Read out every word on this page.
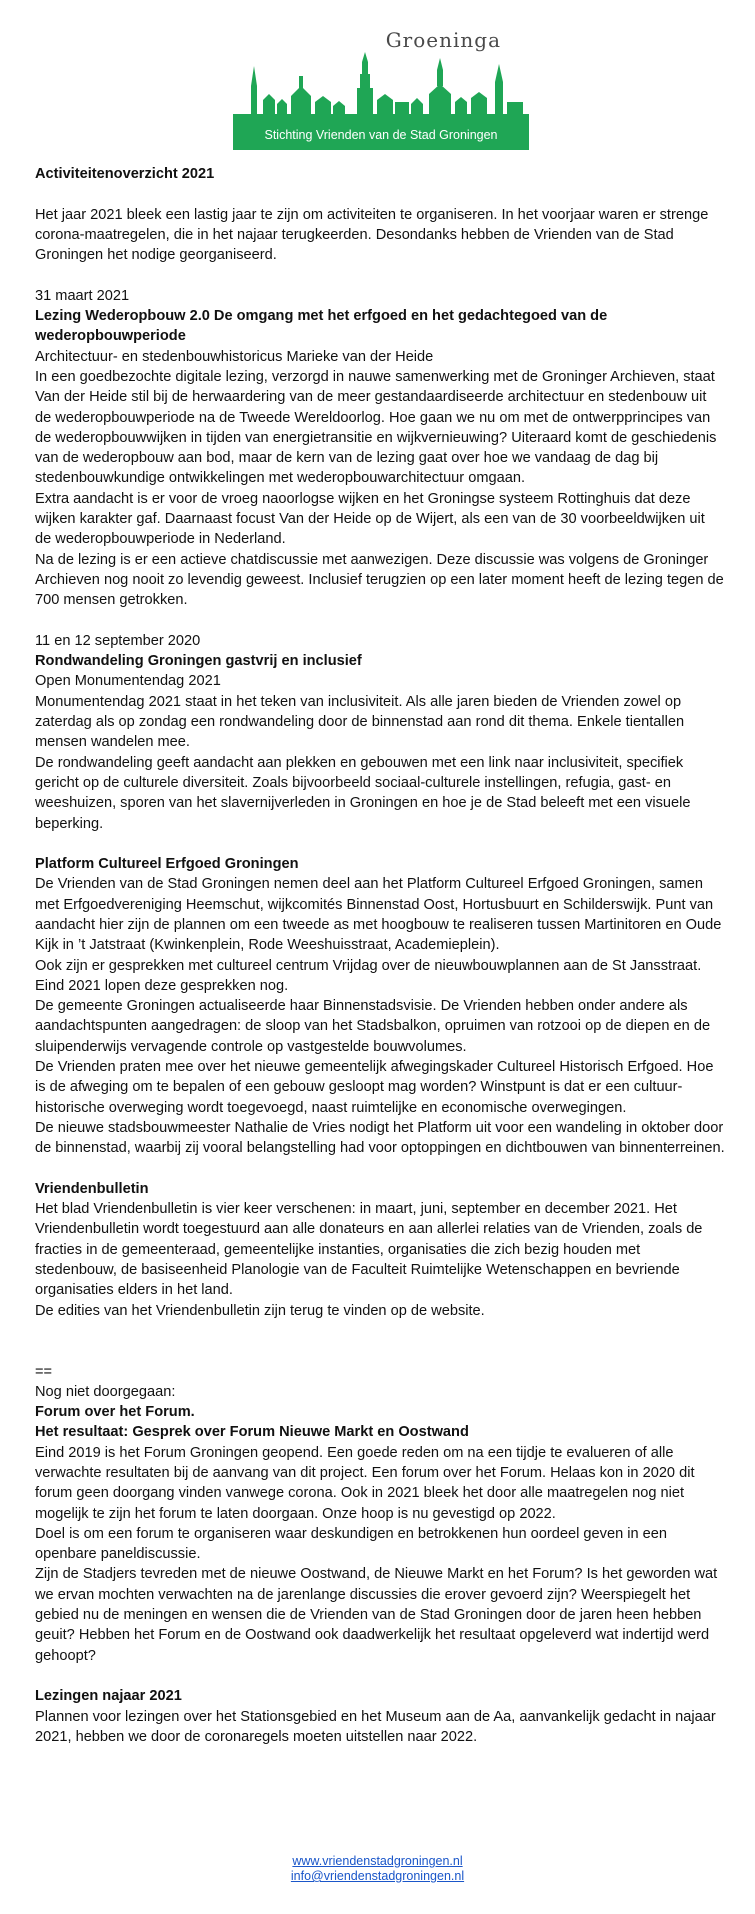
Groeninga
Stichting Vrienden van de Stad Groningen

Activiteitenoverzicht 2021

Het jaar 2021 bleek een lastig jaar te zijn om activiteiten te organiseren. In het voorjaar waren er strenge corona-maatregelen, die in het najaar terugkeerden. Desondanks hebben de Vrienden van de Stad Groningen het nodige georganiseerd.

31 maart 2021

Lezing Wederopbouw 2.0 De omgang met het erfgoed en het gedachtegoed van de wederopbouwperiode

Architectuur- en stedenbouwhistoricus Marieke van der Heide

In een goedbezochte digitale lezing, verzorgd in nauwe samenwerking met de Groninger Archieven, staat Van der Heide stil bij de herwaardering van de meer gestandaardiseerde architectuur en stedenbouw uit de wederopbouwperiode na de Tweede Wereldoorlog. Hoe gaan we nu om met de ontwerpprincipes van de wederopbouwwijken in tijden van energietransitie en wijkvernieuwing? Uiteraard komt de geschiedenis van de wederopbouw aan bod, maar de kern van de lezing gaat over hoe we vandaag de dag bij stedenbouwkundige ontwikkelingen met wederopbouwarchitectuur omgaan.

Extra aandacht is er voor de vroeg naoorlogse wijken en het Groningse systeem Rottinghuis dat deze wijken karakter gaf. Daarnaast focust Van der Heide op de Wijert, als een van de 30 voorbeeldwijken uit de wederopbouwperiode in Nederland.

Na de lezing is er een actieve chatdiscussie met aanwezigen. Deze discussie was volgens de Groninger Archieven nog nooit zo levendig geweest. Inclusief terugzien op een later moment heeft de lezing tegen de 700 mensen getrokken.

11 en 12 september 2020

Rondwandeling Groningen gastvrij en inclusief

Open Monumentendag 2021

Monumentendag 2021 staat in het teken van inclusiviteit. Als alle jaren bieden de Vrienden zowel op zaterdag als op zondag een rondwandeling door de binnenstad aan rond dit thema. Enkele tientallen mensen wandelen mee.

De rondwandeling geeft aandacht aan plekken en gebouwen met een link naar inclusiviteit, specifiek gericht op de culturele diversiteit. Zoals bijvoorbeeld sociaal-culturele instellingen, refugia, gast- en weeshuizen, sporen van het slavernijverleden in Groningen en hoe je de Stad beleeft met een visuele beperking.

Platform Cultureel Erfgoed Groningen

De Vrienden van de Stad Groningen nemen deel aan het Platform Cultureel Erfgoed Groningen, samen met Erfgoedvereniging Heemschut, wijkcomités Binnenstad Oost, Hortusbuurt en Schilderswijk. Punt van aandacht hier zijn de plannen om een tweede as met hoogbouw te realiseren tussen Martinitoren en Oude Kijk in ’t Jatstraat (Kwinkenplein, Rode Weeshuisstraat, Academieplein).

Ook zijn er gesprekken met cultureel centrum Vrijdag over de nieuwbouwplannen aan de St Jansstraat. Eind 2021 lopen deze gesprekken nog.

De gemeente Groningen actualiseerde haar Binnenstadsvisie. De Vrienden hebben onder andere als aandachtspunten aangedragen: de sloop van het Stadsbalkon, opruimen van rotzooi op de diepen en de sluipenderwijs vervagende controle op vastgestelde bouwvolumes.

De Vrienden praten mee over het nieuwe gemeentelijk afwegingskader Cultureel Historisch Erfgoed. Hoe is de afweging om te bepalen of een gebouw gesloopt mag worden? Winstpunt is dat er een cultuur-historische overweging wordt toegevoegd, naast ruimtelijke en economische overwegingen.

De nieuwe stadsbouwmeester Nathalie de Vries nodigt het Platform uit voor een wandeling in oktober door de binnenstad, waarbij zij vooral belangstelling had voor optoppingen en dichtbouwen van binnenterreinen.

Vriendenbulletin

Het blad Vriendenbulletin is vier keer verschenen: in maart, juni, september en december 2021. Het Vriendenbulletin wordt toegestuurd aan alle donateurs en aan allerlei relaties van de Vrienden, zoals de fracties in de gemeenteraad, gemeentelijke instanties, organisaties die zich bezig houden met stedenbouw, de basiseenheid Planologie van de Faculteit Ruimtelijke Wetenschappen en bevriende organisaties elders in het land.

De edities van het Vriendenbulletin zijn terug te vinden op de website.

==

Nog niet doorgegaan:

Forum over het Forum.

Het resultaat: Gesprek over Forum Nieuwe Markt en Oostwand

Eind 2019 is het Forum Groningen geopend. Een goede reden om na een tijdje te evalueren of alle verwachte resultaten bij de aanvang van dit project. Een forum over het Forum. Helaas kon in 2020 dit forum geen doorgang vinden vanwege corona. Ook in 2021 bleek het door alle maatregelen nog niet mogelijk te zijn het forum te laten doorgaan. Onze hoop is nu gevestigd op 2022.

Doel is om een forum te organiseren waar deskundigen en betrokkenen hun oordeel geven in een openbare paneldiscussie.

Zijn de Stadjers tevreden met de nieuwe Oostwand, de Nieuwe Markt en het Forum? Is het geworden wat we ervan mochten verwachten na de jarenlange discussies die erover gevoerd zijn? Weerspiegelt het gebied nu de meningen en wensen die de Vrienden van de Stad Groningen door de jaren heen hebben geuit? Hebben het Forum en de Oostwand ook daadwerkelijk het resultaat opgeleverd wat indertijd werd gehoopt?

Lezingen najaar 2021

Plannen voor lezingen over het Stationsgebied en het Museum aan de Aa, aanvankelijk gedacht in najaar 2021, hebben we door de coronaregels moeten uitstellen naar 2022.

www.vriendenstadgroningen.nl
info@vriendenstadgroningen.nl
